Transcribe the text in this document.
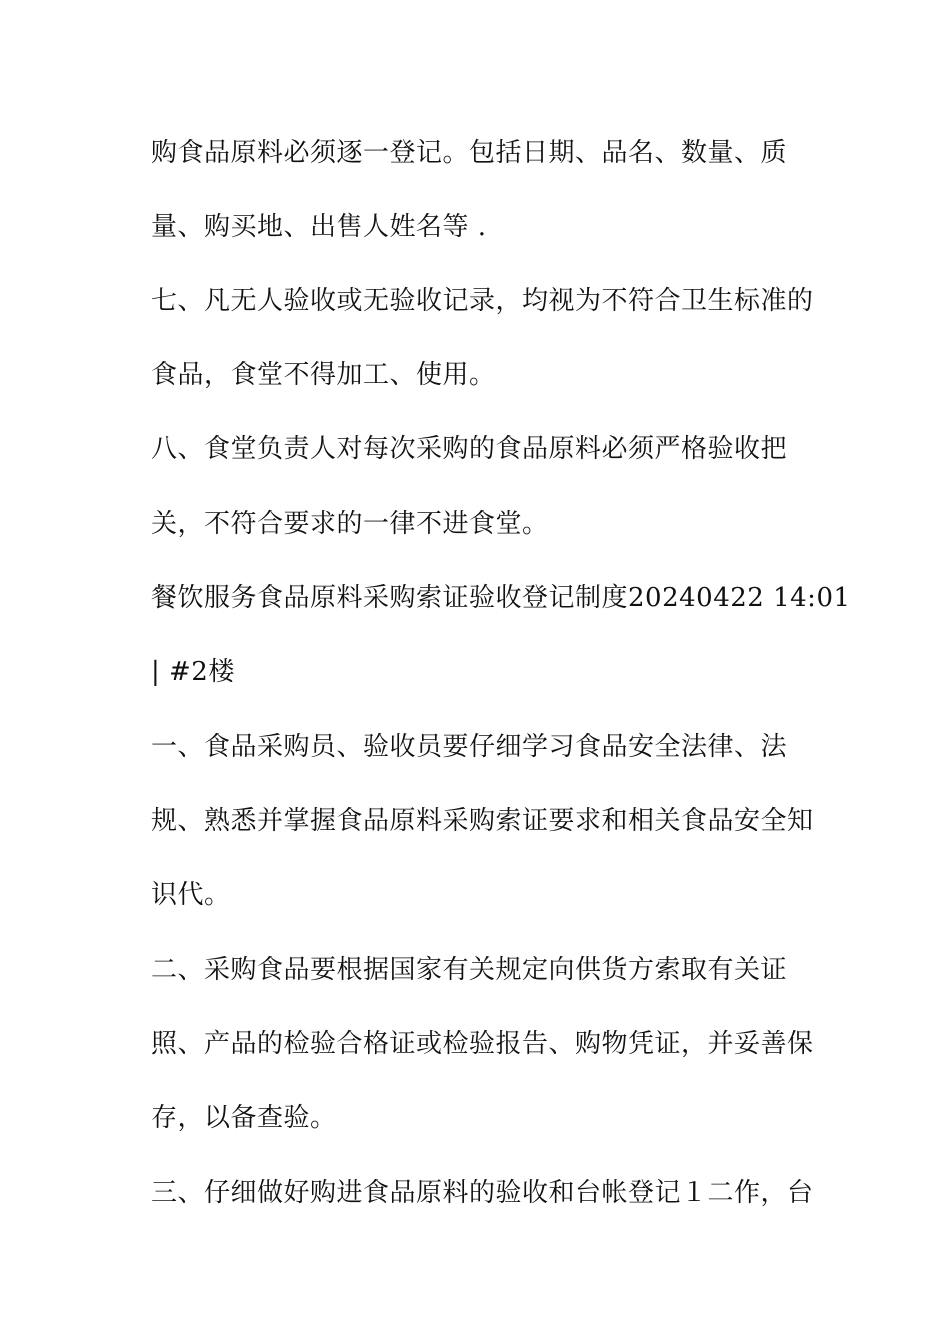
购食品原料必须逐一登记。包括日期、品名、数量、质
量、购买地、出售人姓名等 .
七、凡无人验收或无验收记录，均视为不符合卫生标准的
食品，食堂不得加工、使用。
八、食堂负责人对每次采购的食品原料必须严格验收把
关，不符合要求的一律不进食堂。
餐饮服务食品原料采购索证验收登记制度20240422 14:01
| #2楼
一、食品采购员、验收员要仔细学习食品安全法律、法
规、熟悉并掌握食品原料采购索证要求和相关食品安全知
识代。
二、采购食品要根据国家有关规定向供货方索取有关证
照、产品的检验合格证或检验报告、购物凭证，并妥善保
存，以备查验。
三、仔细做好购进食品原料的验收和台帐登记１二作，台
